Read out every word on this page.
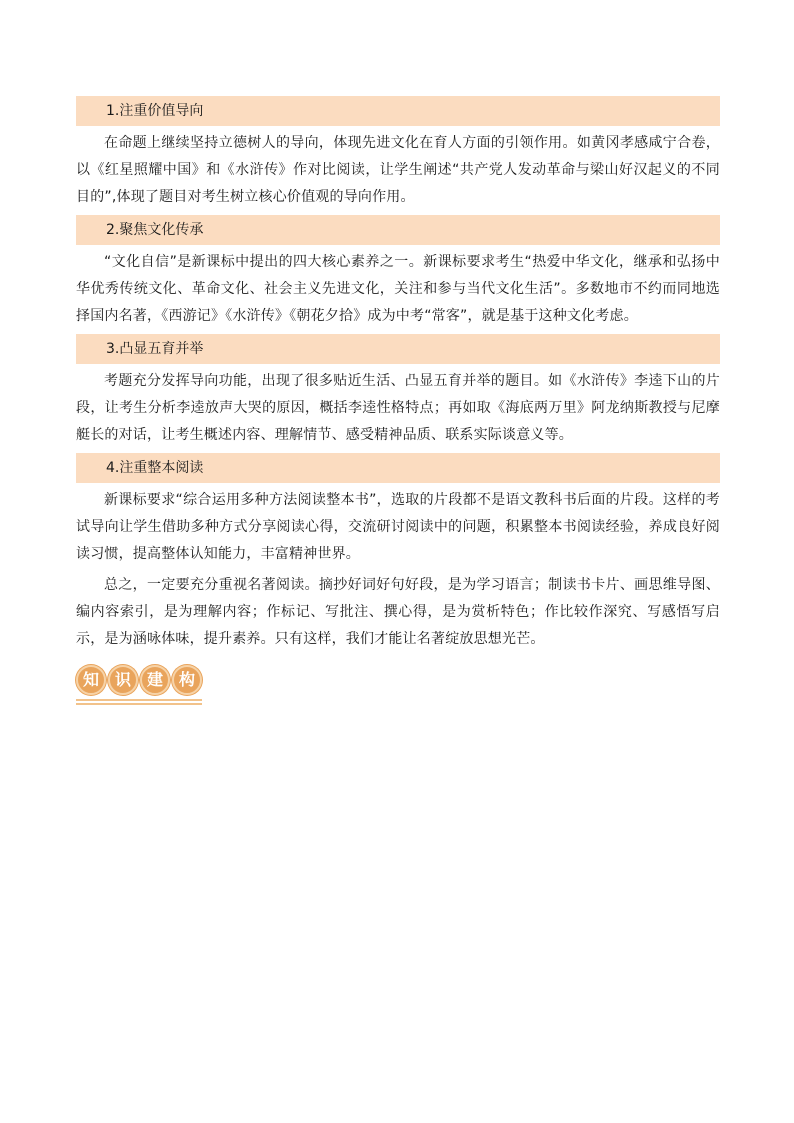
1.注重价值导向

在命题上继续坚持立德树人的导向，体现先进文化在育人方面的引领作用。如黄冈孝感咸宁合卷，以《红星照耀中国》和《水浒传》作对比阅读，让学生阐述“共产党人发动革命与梁山好汉起义的不同目的”,体现了题目对考生树立核心价值观的导向作用。

2.聚焦文化传承

“文化自信”是新课标中提出的四大核心素养之一。新课标要求考生“热爱中华文化，继承和弘扬中华优秀传统文化、革命文化、社会主义先进文化，关注和参与当代文化生活”。多数地市不约而同地选择国内名著，《西游记》《水浒传》《朝花夕拾》成为中考“常客”，就是基于这种文化考虑。

3.凸显五育并举

考题充分发挥导向功能，出现了很多贴近生活、凸显五育并举的题目。如《水浒传》李逵下山的片段，让考生分析李逵放声大哭的原因，概括李逵性格特点；再如取《海底两万里》阿龙纳斯教授与尼摩艇长的对话，让考生概述内容、理解情节、感受精神品质、联系实际谈意义等。

4.注重整本阅读

新课标要求“综合运用多种方法阅读整本书”，选取的片段都不是语文教科书后面的片段。这样的考试导向让学生借助多种方式分享阅读心得，交流研讨阅读中的问题，积累整本书阅读经验，养成良好阅读习惯，提高整体认知能力，丰富精神世界。

总之，一定要充分重视名著阅读。摘抄好词好句好段，是为学习语言；制读书卡片、画思维导图、编内容索引，是为理解内容；作标记、写批注、撰心得，是为赏析特色；作比较作深究、写感悟写启示，是为涵咏体味，提升素养。只有这样，我们才能让名著绽放思想光芒。

知 识 建 构
